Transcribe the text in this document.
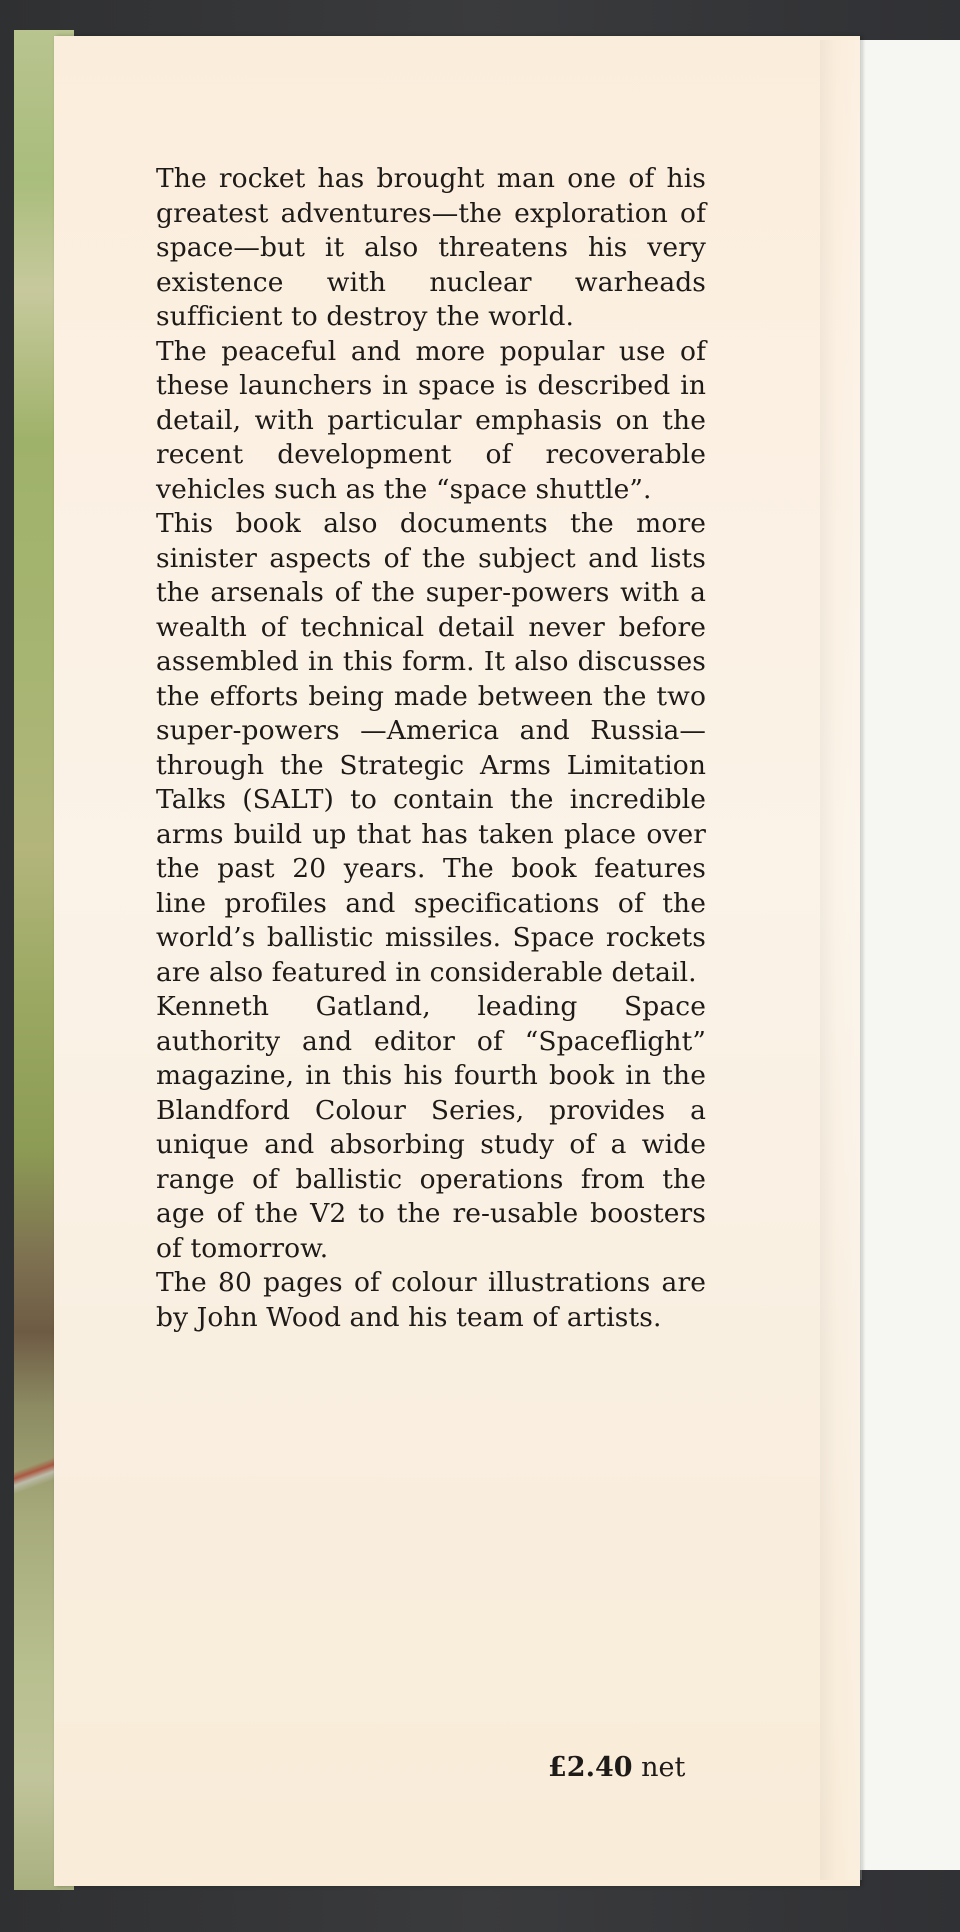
The rocket has brought man one of his greatest adventures—the exploration of space—but it also threatens his very existence with nuclear warheads sufficient to destroy the world.

The peaceful and more popular use of these launchers in space is described in detail, with particular emphasis on the recent development of recoverable vehicles such as the “space shuttle”.

This book also documents the more sinister aspects of the subject and lists the arsenals of the super-powers with a wealth of technical detail never before assembled in this form. It also discusses the efforts being made between the two super-powers —America and Russia—through the Strategic Arms Limitation Talks (SALT) to contain the incredible arms build up that has taken place over the past 20 years. The book features line profiles and specifications of the world’s ballistic missiles. Space rockets are also featured in considerable detail.

Kenneth Gatland, leading Space authority and editor of “Spaceflight” magazine, in this his fourth book in the Blandford Colour Series, provides a unique and absorbing study of a wide range of ballistic operations from the age of the V2 to the re-usable boosters of tomorrow.

The 80 pages of colour illustrations are by John Wood and his team of artists.

£2.40 net
